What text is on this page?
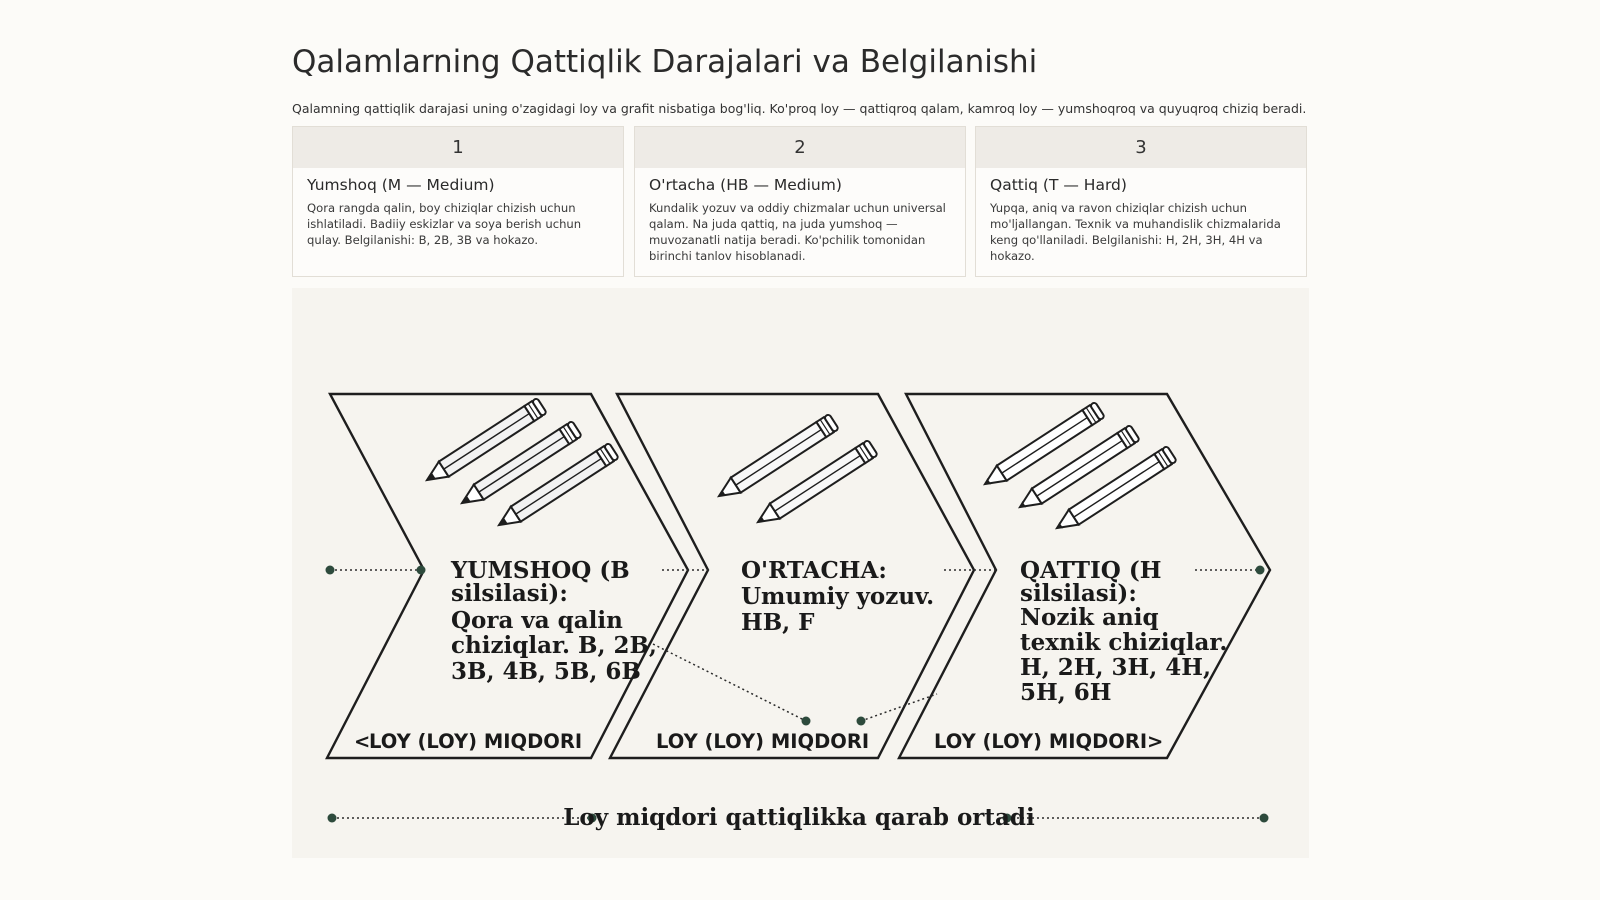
Qalamlarning Qattiqlik Darajalari va Belgilanishi

Qalamning qattiqlik darajasi uning o'zagidagi loy va grafit nisbatiga bog'liq. Ko'proq loy — qattiqroq qalam, kamroq loy — yumshoqroq va quyuqroq chiziq beradi.

1
Yumshoq (M — Medium)
Qora rangda qalin, boy chiziqlar chizish uchun ishlatiladi. Badiiy eskizlar va soya berish uchun qulay. Belgilanishi: B, 2B, 3B va hokazo.
2
O'rtacha (HB — Medium)
Kundalik yozuv va oddiy chizmalar uchun universal qalam. Na juda qattiq, na juda yumshoq — muvozanatli natija beradi. Ko'pchilik tomonidan birinchi tanlov hisoblanadi.
3
Qattiq (T — Hard)
Yupqa, aniq va ravon chiziqlar chizish uchun mo'ljallangan. Texnik va muhandislik chizmalarida keng qo'llaniladi. Belgilanishi: H, 2H, 3H, 4H va hokazo.
YUMSHOQ (B
silsilasi):
Qora va qalin
chiziqlar. B, 2B,
3B, 4B, 5B, 6B
O'RTACHA:
Umumiy yozuv.
HB, F
QATTIQ (H
silsilasi):
Nozik aniq
texnik chiziqlar.
H, 2H, 3H, 4H,
5H, 6H
<
LOY (LOY) MIQDORI	LOY (LOY) MIQDORI	LOY (LOY) MIQDORI >
Loy miqdori qattiqlikka qarab ortadi
